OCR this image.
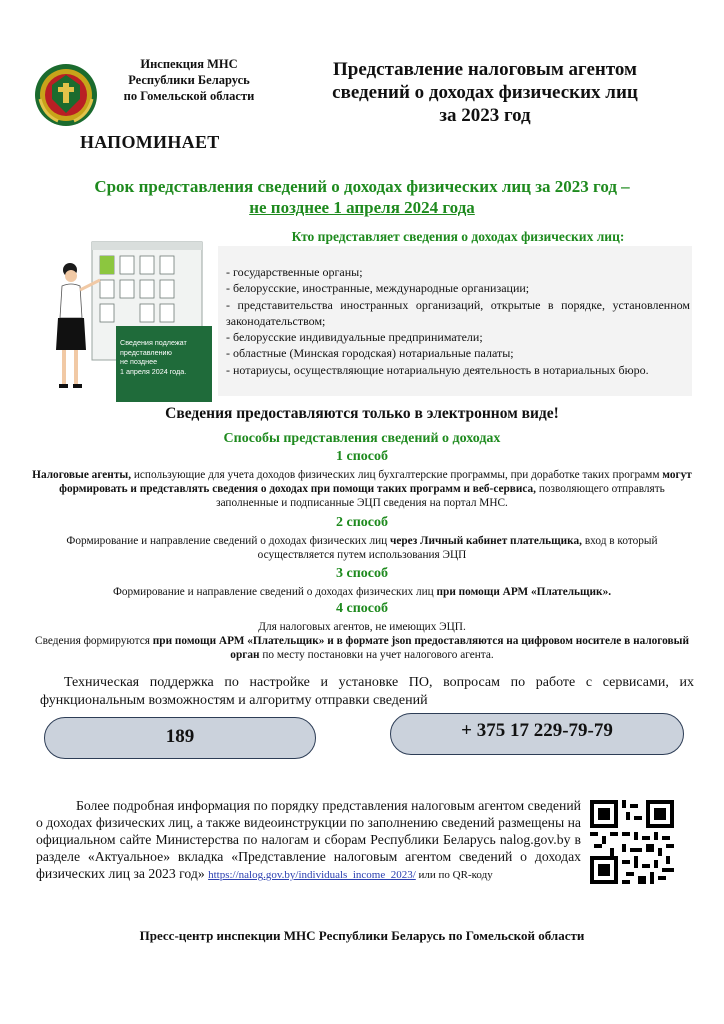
Инспекция МНС
Республики Беларусь
по Гомельской области
НАПОМИНАЕТ
Представление налоговым агентом
сведений о доходах физических лиц
за 2023 год
Срок представления сведений о доходах физических лиц за 2023 год –
не позднее 1 апреля 2024 года
Сведения подлежат
представлению
не позднее
1 апреля 2024 года.
Кто представляет сведения о доходах физических лиц:
- государственные органы;
- белорусские, иностранные, международные организации;
- представительства иностранных организаций, открытые в порядке, установленном законодательством;
- белорусские индивидуальные предприниматели;
- областные (Минская городская) нотариальные палаты;
- нотариусы, осуществляющие нотариальную деятельность в нотариальных бюро.
Сведения предоставляются только в электронном виде!
Способы представления сведений о доходах
1 способ
Налоговые агенты, использующие для учета доходов физических лиц бухгалтерские программы, при доработке таких программ могут формировать и представлять сведения о доходах при помощи таких программ и веб-сервиса, позволяющего отправлять заполненные и подписанные ЭЦП сведения на портал МНС.
2 способ
Формирование и направление сведений о доходах физических лиц через Личный кабинет плательщика, вход в который осуществляется путем использования ЭЦП
3 способ
Формирование и направление сведений о доходах физических лиц при помощи АРМ «Плательщик».
4 способ
Для налоговых агентов, не имеющих ЭЦП.
Сведения формируются при помощи АРМ «Плательщик» и в формате json предоставляются на цифровом носителе в налоговый орган по месту постановки на учет налогового агента.
Техническая поддержка по настройке и установке ПО, вопросам по работе с сервисами, их функциональным возможностям и алгоритму отправки сведений
189	+ 375 17 229-79-79
Более подробная информация по порядку представления налоговым агентом сведений о доходах физических лиц, а также видеоинструкции по заполнению сведений размещены на официальном сайте Министерства по налогам и сборам Республики Беларусь nalog.gov.by в разделе «Актуальное» вкладка «Представление налоговым агентом сведений о доходах физических лиц за 2023 год» https://nalog.gov.by/individuals_income_2023/ или по QR-коду
Пресс-центр инспекции МНС Республики Беларусь по Гомельской области
